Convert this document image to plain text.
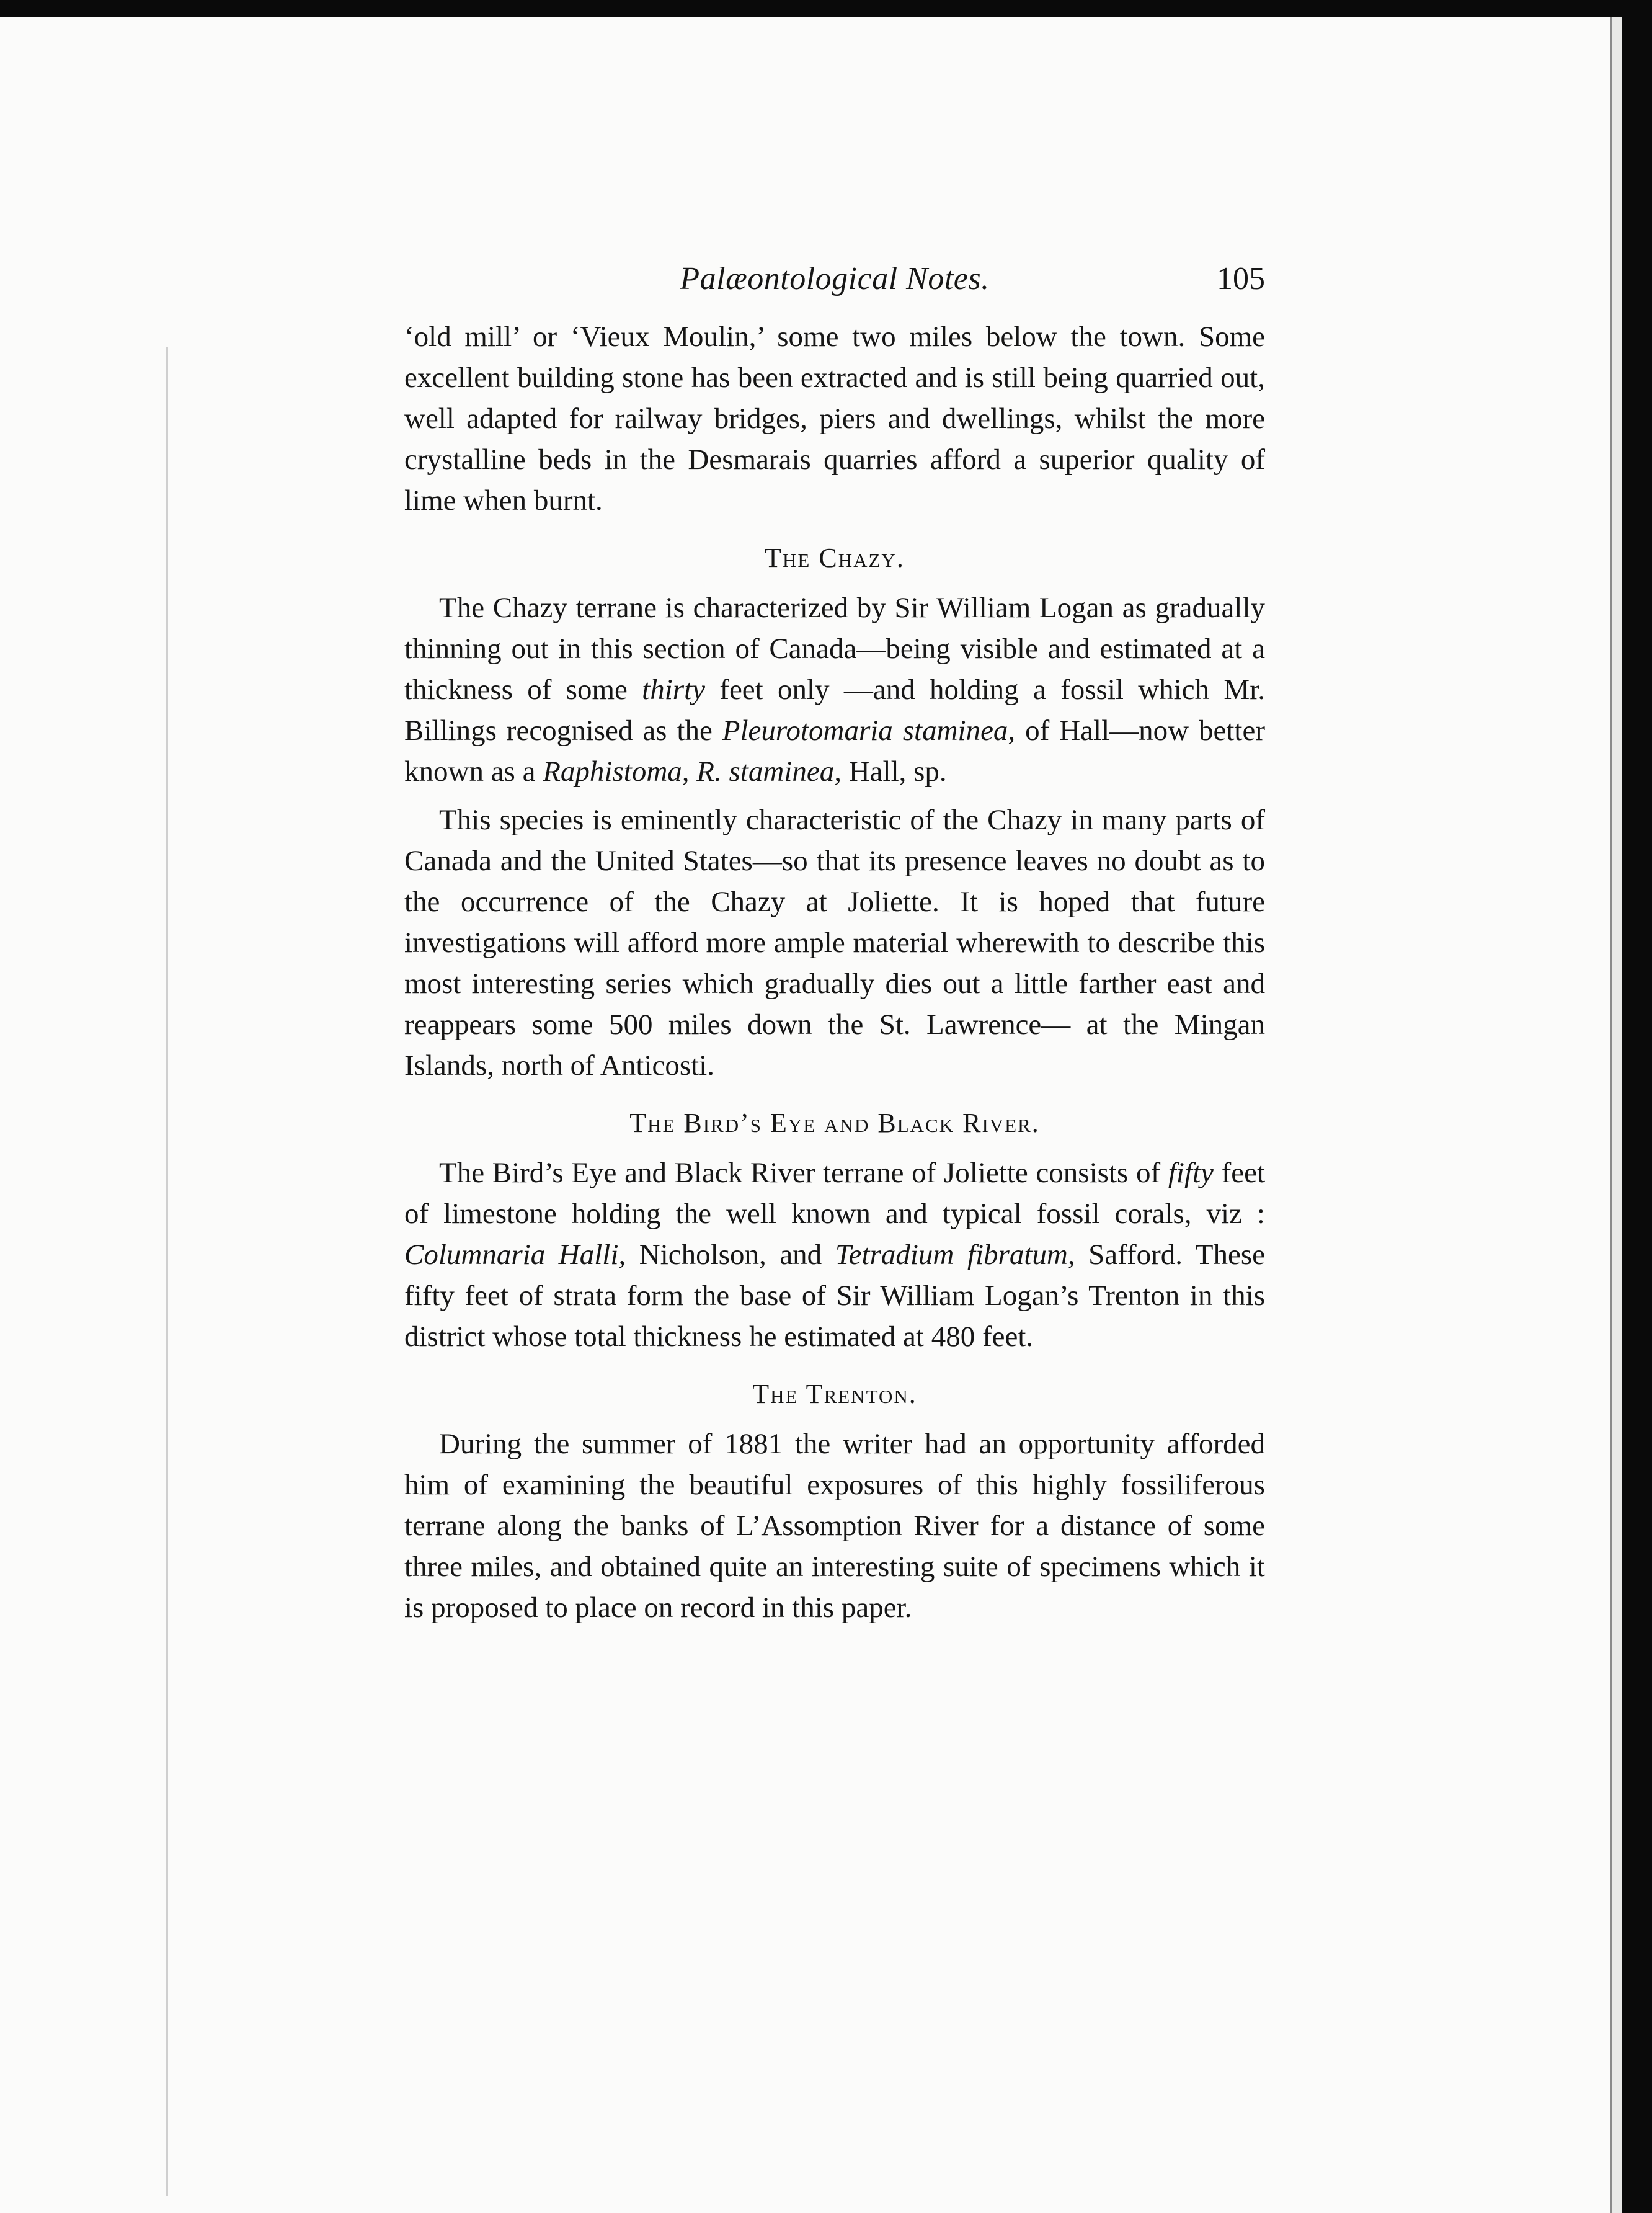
Palæontological Notes.	105

‘old mill’ or ‘Vieux Moulin,’ some two miles below the town. Some excellent building stone has been extracted and is still being quarried out, well adapted for railway bridges, piers and dwellings, whilst the more crystalline beds in the Desmarais quarries afford a superior quality of lime when burnt.

The Chazy.

The Chazy terrane is characterized by Sir William Logan as gradually thinning out in this section of Canada—being visible and estimated at a thickness of some thirty feet only —and holding a fossil which Mr. Billings recognised as the Pleurotomaria staminea, of Hall—now better known as a Raphistoma, R. staminea, Hall, sp.

This species is eminently characteristic of the Chazy in many parts of Canada and the United States—so that its presence leaves no doubt as to the occurrence of the Chazy at Joliette. It is hoped that future investigations will afford more ample material wherewith to describe this most interesting series which gradually dies out a little farther east and reappears some 500 miles down the St. Lawrence— at the Mingan Islands, north of Anticosti.

The Bird’s Eye and Black River.

The Bird’s Eye and Black River terrane of Joliette consists of fifty feet of limestone holding the well known and typical fossil corals, viz : Columnaria Halli, Nicholson, and Tetradium fibratum, Safford. These fifty feet of strata form the base of Sir William Logan’s Trenton in this district whose total thickness he estimated at 480 feet.

The Trenton.

During the summer of 1881 the writer had an opportunity afforded him of examining the beautiful exposures of this highly fossiliferous terrane along the banks of L’Assomption River for a distance of some three miles, and obtained quite an interesting suite of specimens which it is proposed to place on record in this paper.
